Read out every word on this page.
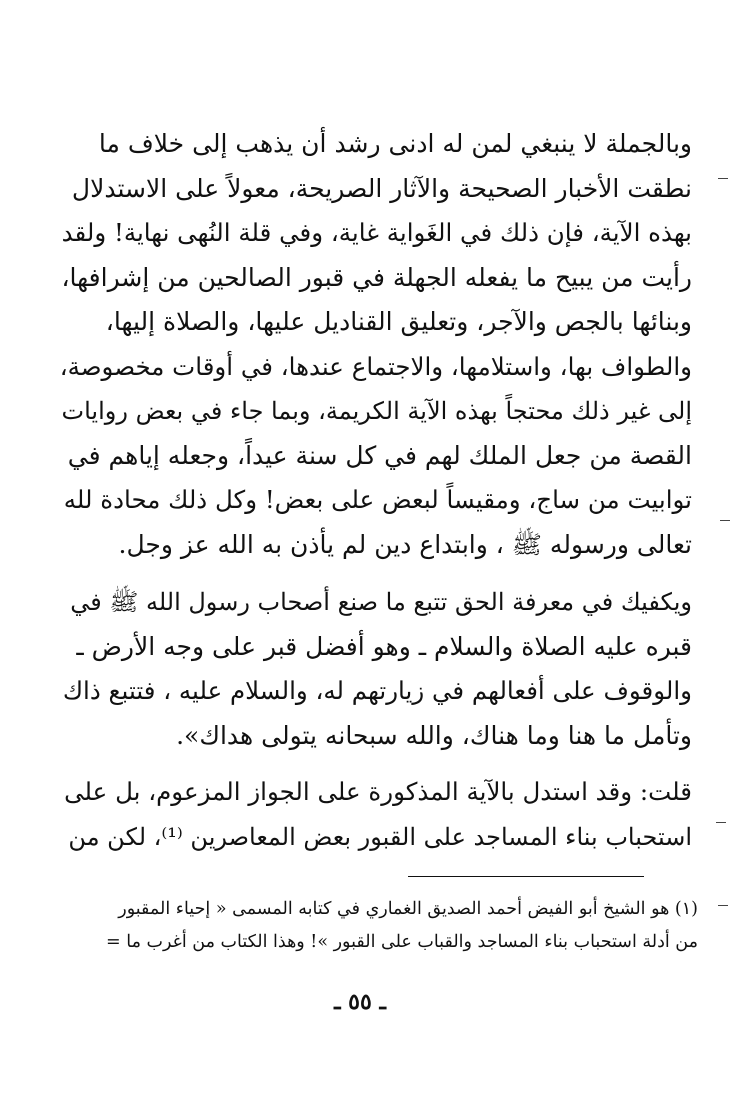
وبالجملة لا ينبغي لمن له ادنى رشد أن يذهب إلى خلاف ما
نطقت الأخبار الصحيحة والآثار الصريحة، معولاً على الاستدلال
بهذه الآية، فإن ذلك في الغَواية غاية، وفي قلة النُهى نهاية! ولقد
رأيت من يبيح ما يفعله الجهلة في قبور الصالحين من إشرافها،
وبنائها بالجص والآجر، وتعليق القناديل عليها، والصلاة إليها،
والطواف بها، واستلامها، والاجتماع عندها، في أوقات مخصوصة،
إلى غير ذلك محتجاً بهذه الآية الكريمة، وبما جاء في بعض روايات
القصة من جعل الملك لهم في كل سنة عيداً، وجعله إياهم في
توابيت من ساج، ومقيساً لبعض على بعض! وكل ذلك محادة لله
تعالى ورسوله ﷺ ، وابتداع دين لم يأذن به الله عز وجل.
ويكفيك في معرفة الحق تتبع ما صنع أصحاب رسول الله ﷺ في
قبره عليه الصلاة والسلام ـ وهو أفضل قبر على وجه الأرض ـ
والوقوف على أفعالهم في زيارتهم له، والسلام عليه ، فتتبع ذاك
وتأمل ما هنا وما هناك، والله سبحانه يتولى هداك».
قلت: وقد استدل بالآية المذكورة على الجواز المزعوم، بل على
استحباب بناء المساجد على القبور بعض المعاصرين ⁽¹⁾، لكن من
(١) هو الشيخ أبو الفيض أحمد الصديق الغماري في كتابه المسمى « إحياء المقبور
من أدلة استحباب بناء المساجد والقباب على القبور »! وهذا الكتاب من أغرب ما =
ـ ٥٥ ـ
